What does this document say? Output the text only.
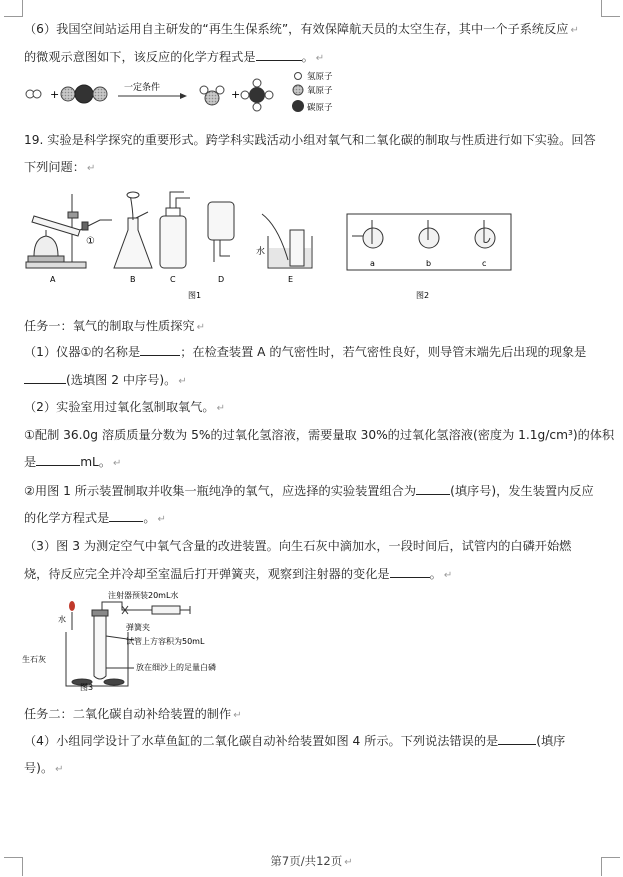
（6）我国空间站运用自主研发的“再生生保系统”，有效保障航天员的太空生存，其中一个子系统反应 ↵
的微观示意图如下，该反应的化学方程式是	。 ↵
+	一定条件	+
氢原子
氧原子
碳原子
19. 实验是科学探究的重要形式。跨学科实践活动小组对氧气和二氧化碳的制取与性质进行如下实验。回答
下列问题： ↵
①
水
A	B	C	D	E
图1
a	b	c
图2
任务一：氧气的制取与性质探究 ↵
（1）仪器①的名称是	；在检查装置 A 的气密性时，若气密性良好，则导管末端先后出现的现象是
(选填图 2 中序号)。 ↵
（2）实验室用过氧化氢制取氧气。 ↵
①配制 36.0g 溶质质量分数为 5%的过氧化氢溶液，需要量取 30%的过氧化氢溶液(密度为 1.1g/cm³)的体积
是	mL。 ↵
②用图 1 所示装置制取并收集一瓶纯净的氧气，应选择的实验装置组合为	(填序号)，发生装置内反应
的化学方程式是	。 ↵
（3）图 3 为测定空气中氧气含量的改进装置。向生石灰中滴加水，一段时间后，试管内的白磷开始燃
烧，待反应完全并冷却至室温后打开弹簧夹，观察到注射器的变化是	。 ↵
注射器预装20mL水
水
弹簧夹
试管上方容积为50mL
生石灰
放在细沙上的足量白磷
图3
任务二：二氧化碳自动补给装置的制作 ↵
（4）小组同学设计了水草鱼缸的二氧化碳自动补给装置如图 4 所示。下列说法错误的是	(填序
号)。 ↵
第7页/共12页 ↵
